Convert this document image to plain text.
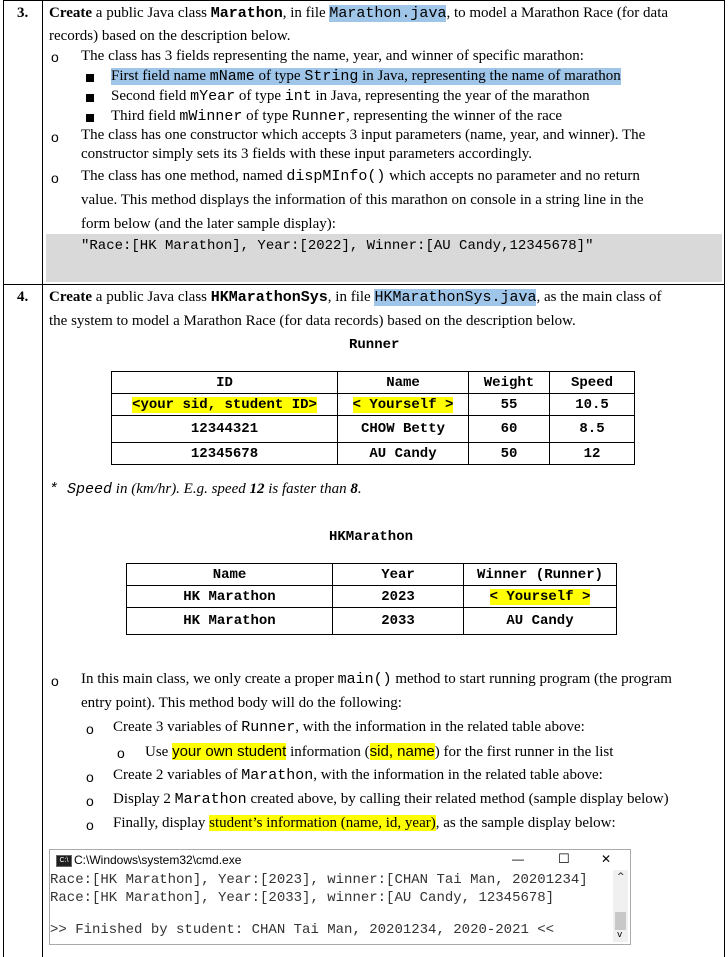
3. Create a public Java class Marathon, in file Marathon.java, to model a Marathon Race (for data
records) based on the description below.
o The class has 3 fields representing the name, year, and winner of specific marathon:
First field name mName of type String in Java, representing the name of marathon
Second field mYear of type int in Java, representing the year of the marathon
Third field mWinner of type Runner, representing the winner of the race
o The class has one constructor which accepts 3 input parameters (name, year, and winner). The
constructor simply sets its 3 fields with these input parameters accordingly.
o The class has one method, named dispMInfo() which accepts no parameter and no return
value. This method displays the information of this marathon on console in a string line in the
form below (and the later sample display):
"Race:[HK Marathon], Year:[2022], Winner:[AU Candy,12345678]"
4. Create a public Java class HKMarathonSys, in file HKMarathonSys.java, as the main class of
the system to model a Marathon Race (for data records) based on the description below.
Runner
ID	Name	Weight	Speed
<your sid, student ID>	< Yourself >	55	10.5
12344321	CHOW Betty	60	8.5
12345678	AU Candy	50	12
* Speed in (km/hr). E.g. speed 12 is faster than 8.
HKMarathon
Name	Year	Winner (Runner)
HK Marathon	2023	< Yourself >
HK Marathon	2033	AU Candy
o In this main class, we only create a proper main() method to start running program (the program
entry point). This method body will do the following:
o Create 3 variables of Runner, with the information in the related table above:
o Use your own student information (sid, name) for the first runner in the list
o Create 2 variables of Marathon, with the information in the related table above:
o Display 2 Marathon created above, by calling their related method (sample display below)
o Finally, display student’s information (name, id, year), as the sample display below:
C:\ C:\Windows\system32\cmd.exe	—	☐	✕
Race:[HK Marathon], Year:[2023], winner:[CHAN Tai Man, 20201234]
Race:[HK Marathon], Year:[2033], winner:[AU Candy, 12345678]
>> Finished by student: CHAN Tai Man, 20201234, 2020-2021 <<
^
v
